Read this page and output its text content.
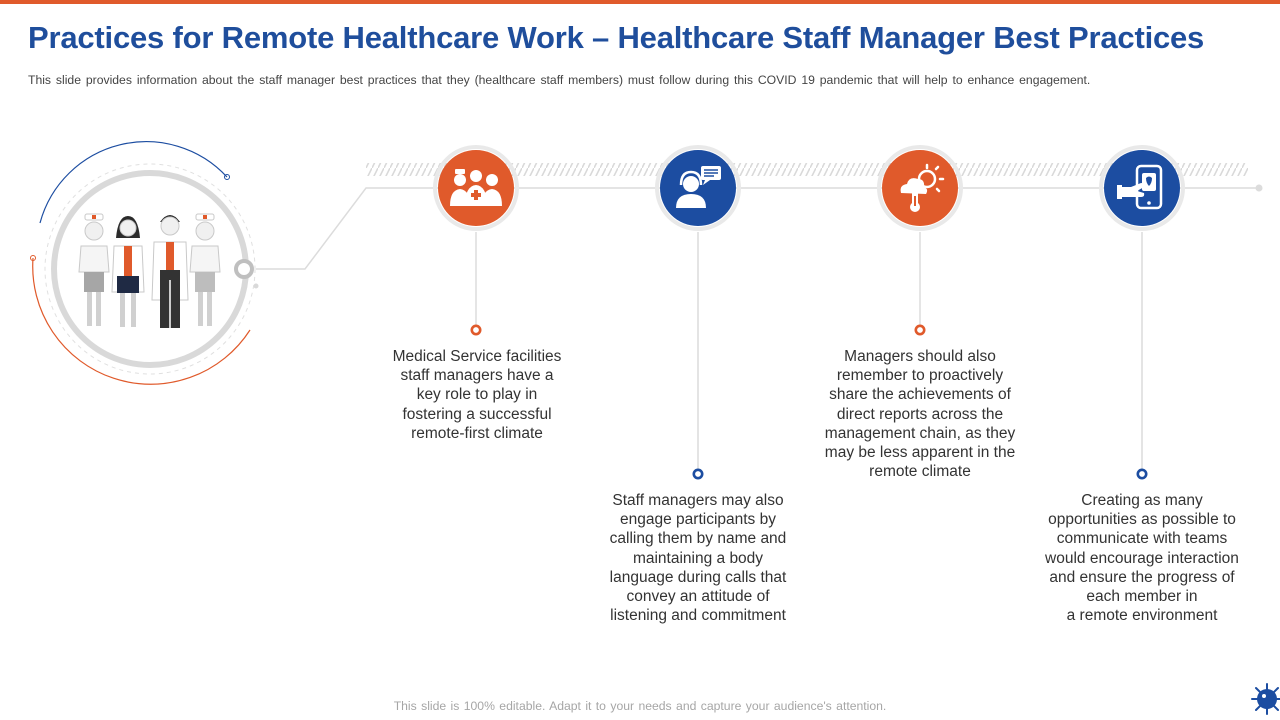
Practices for Remote Healthcare Work – Healthcare Staff Manager Best Practices
This slide provides information about the staff manager best practices that they (healthcare staff members) must follow during this COVID 19 pandemic that will help to enhance engagement.
Medical Service facilities
staff managers have a
key role to play in
fostering a successful
remote-first climate
Staff managers may also
engage participants by
calling them by name and
maintaining a body
language during calls that
convey an attitude of
listening and commitment
Managers should also
remember to proactively
share the achievements of
direct reports across the
management chain, as they
may be less apparent in the
remote climate
Creating as many
opportunities as possible to
communicate with teams
would encourage interaction
and ensure the progress of
each member in
a remote environment
This slide is 100% editable. Adapt it to your needs and capture your audience's attention.
